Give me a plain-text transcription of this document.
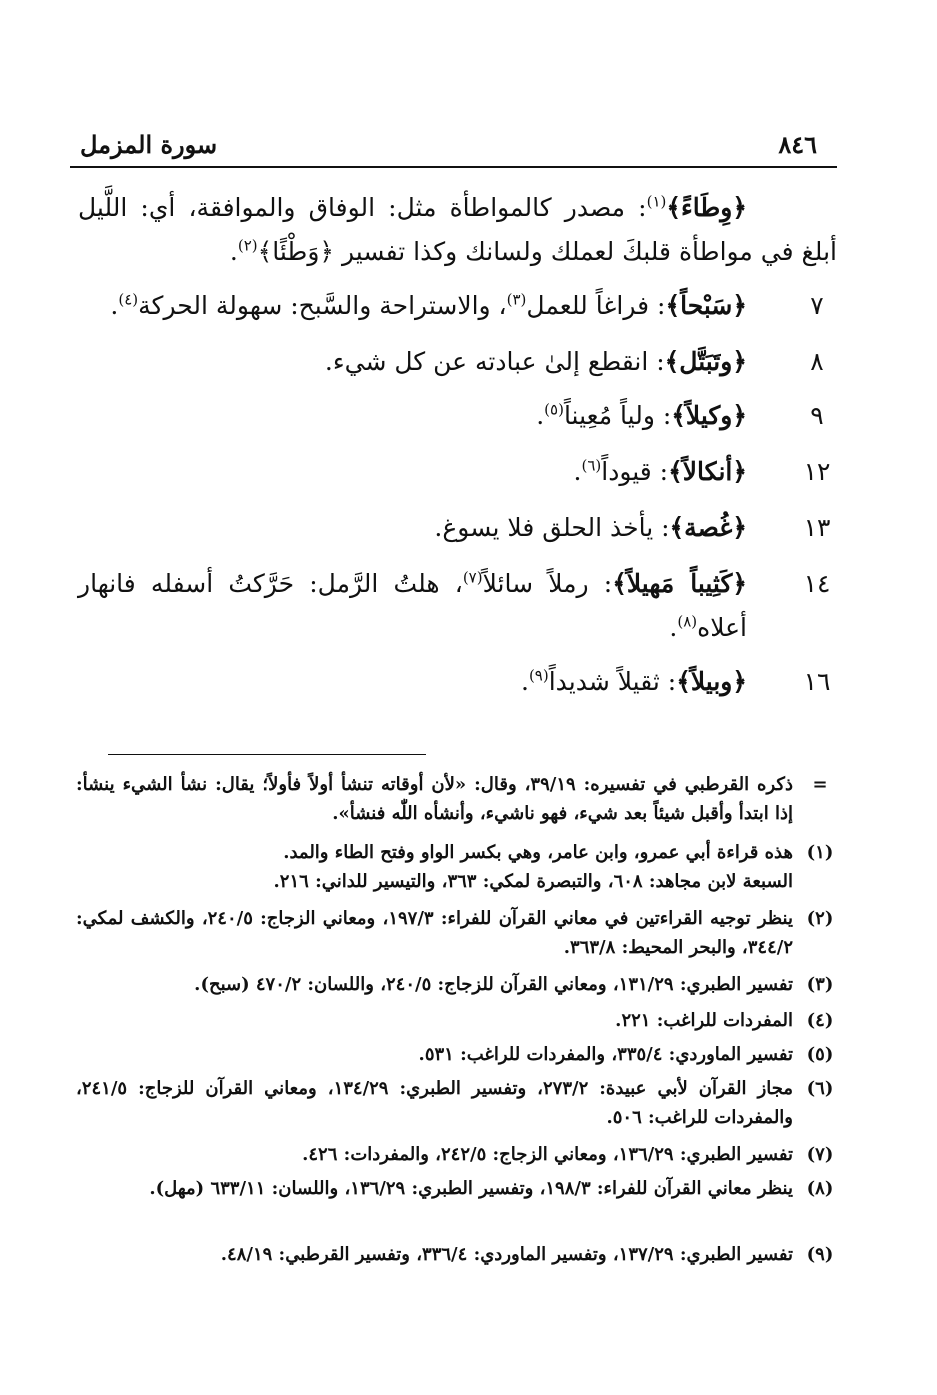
٨٤٦
سورة المزمل
﴿وِطَاءً﴾$^{(١)}$: مصدر كالمواطأة مثل: الوفاق والموافقة، أي: اللَّيل أبلغ في مواطأة قلبكَ لعملك ولسانك وكذا تفسير ﴿وَطْئًا﴾$^{(٢)}$.
٧
﴿سَبْحاً﴾: فراغاً للعمل$^{(٣)}$، والاستراحة والسَّبح: سهولة الحركة$^{(٤)}$.
٨
﴿وتَبَتَّل﴾: انقطع إلىٰ عبادته عن كل شيء.
٩
﴿وكيلاً﴾: ولياً مُعِيناً$^{(٥)}$.
١٢
﴿أنكالاً﴾: قيوداً$^{(٦)}$.
١٣
﴿غُصة﴾: يأخذ الحلق فلا يسوغ.
١٤
﴿كَثِيباً مَهيلاً﴾: رملاً سائلاً$^{(٧)}$، هلتُ الرَّمل: حَرَّكتُ أسفله فانهار أعلاه$^{(٨)}$.
١٦
﴿وبيلاً﴾: ثقيلاً شديداً$^{(٩)}$.
=
ذكره القرطبي في تفسيره: ٣٩/١٩، وقال: «لأن أوقاته تنشأ أولاً فأولاً؛ يقال: نشأ الشيء ينشأ: إذا ابتدأ وأقبل شيئاً بعد شيء، فهو ناشيء، وأنشأه اللّٰه فنشأ».
(١)
هذه قراءة أبي عمرو، وابن عامر، وهي بكسر الواو وفتح الطاء والمد.
السبعة لابن مجاهد: ٦٠٨، والتبصرة لمكي: ٣٦٣، والتيسير للداني: ٢١٦.
(٢)
ينظر توجيه القراءتين في معاني القرآن للفراء: ١٩٧/٣، ومعاني الزجاج: ٢٤٠/٥، والكشف لمكي: ٣٤٤/٢، والبحر المحيط: ٣٦٣/٨.
(٣)
تفسير الطبري: ١٣١/٢٩، ومعاني القرآن للزجاج: ٢٤٠/٥، واللسان: ٤٧٠/٢ (سبح).
(٤)
المفردات للراغب: ٢٢١.
(٥)
تفسير الماوردي: ٣٣٥/٤، والمفردات للراغب: ٥٣١.
(٦)
مجاز القرآن لأبي عبيدة: ٢٧٣/٢، وتفسير الطبري: ١٣٤/٢٩، ومعاني القرآن للزجاج: ٢٤١/٥، والمفردات للراغب: ٥٠٦.
(٧)
تفسير الطبري: ١٣٦/٢٩، ومعاني الزجاج: ٢٤٢/٥، والمفردات: ٤٢٦.
(٨)
ينظر معاني القرآن للفراء: ١٩٨/٣، وتفسير الطبري: ١٣٦/٢٩، واللسان: ٦٣٣/١١ (مهل).
(٩)
تفسير الطبري: ١٣٧/٢٩، وتفسير الماوردي: ٣٣٦/٤، وتفسير القرطبي: ٤٨/١٩.
